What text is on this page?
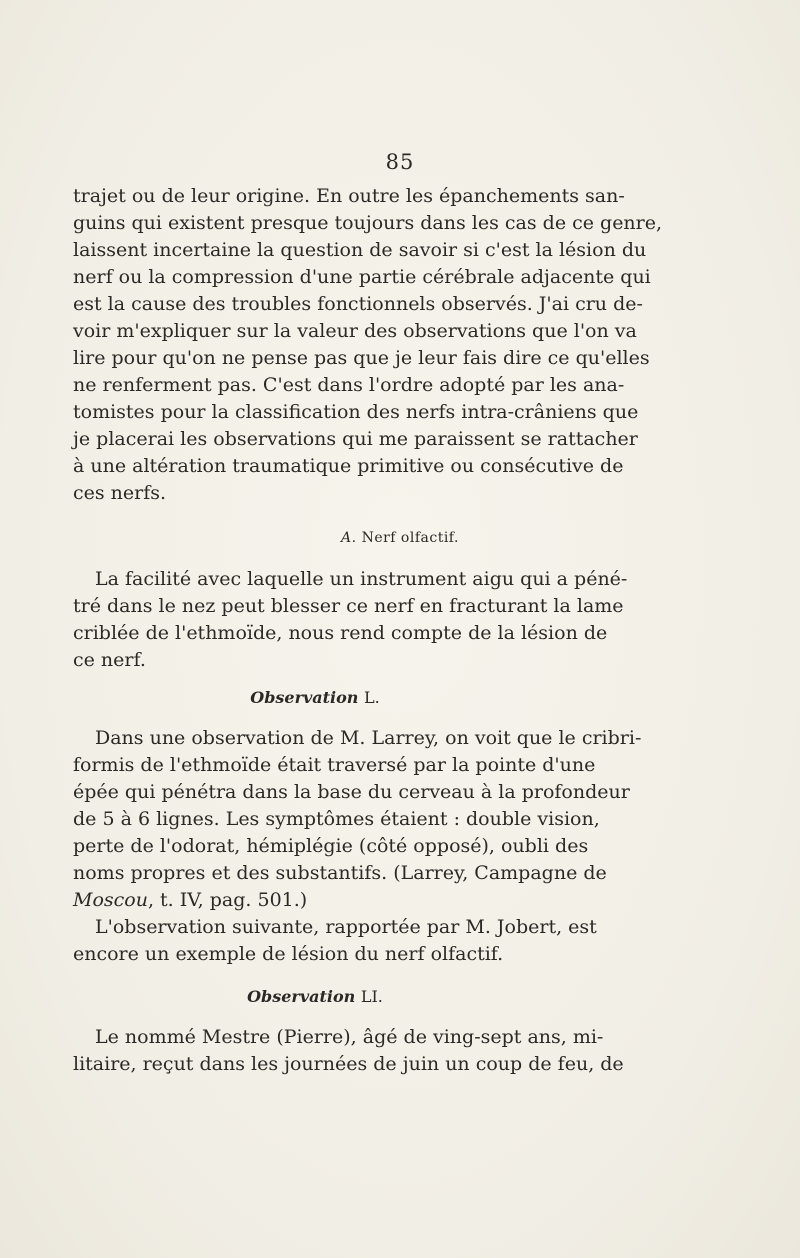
85
trajet ou de leur origine. En outre les épanchements san-
guins qui existent presque toujours dans les cas de ce genre,
laissent incertaine la question de savoir si c'est la lésion du
nerf ou la compression d'une partie cérébrale adjacente qui
est la cause des troubles fonctionnels observés. J'ai cru de-
voir m'expliquer sur la valeur des observations que l'on va
lire pour qu'on ne pense pas que je leur fais dire ce qu'elles
ne renferment pas. C'est dans l'ordre adopté par les ana-
tomistes pour la classification des nerfs intra-crâniens que
je placerai les observations qui me paraissent se rattacher
à une altération traumatique primitive ou consécutive de
ces nerfs.
A. Nerf olfactif.
La facilité avec laquelle un instrument aigu qui a péné-
tré dans le nez peut blesser ce nerf en fracturant la lame
criblée de l'ethmoïde, nous rend compte de la lésion de
ce nerf.
Observation L.
Dans une observation de M. Larrey, on voit que le cribri-
formis de l'ethmoïde était traversé par la pointe d'une
épée qui pénétra dans la base du cerveau à la profondeur
de 5 à 6 lignes. Les symptômes étaient : double vision,
perte de l'odorat, hémiplégie (côté opposé), oubli des
noms propres et des substantifs. (Larrey, Campagne de
Moscou, t. IV, pag. 501.)
L'observation suivante, rapportée par M. Jobert, est
encore un exemple de lésion du nerf olfactif.
Observation LI.
Le nommé Mestre (Pierre), âgé de ving-sept ans, mi-
litaire, reçut dans les journées de juin un coup de feu, de
